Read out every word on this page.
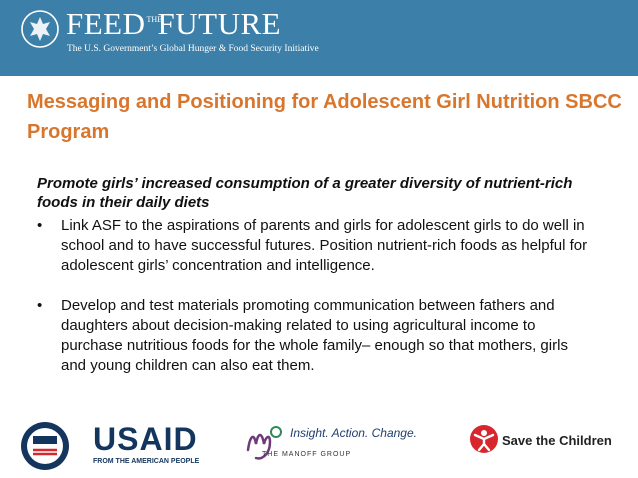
FEEDTHEFUTURE
The U.S. Government’s Global Hunger & Food Security Initiative
Messaging and Positioning for Adolescent Girl Nutrition SBCC Program

Promote girls’ increased consumption of a greater diversity of nutrient-rich foods in their daily diets

• Link ASF to the aspirations of parents and girls for adolescent girls to do well in school and to have successful futures. Position nutrient-rich foods as helpful for adolescent girls’ concentration and intelligence.
• Develop and test materials promoting communication between fathers and daughters about decision-making related to using agricultural income to purchase nutritious foods for the whole family– enough so that mothers, girls and young children can also eat them.
USAID
FROM THE AMERICAN PEOPLE
Insight. Action. Change.
THE MANOFF GROUP
Save the Children
